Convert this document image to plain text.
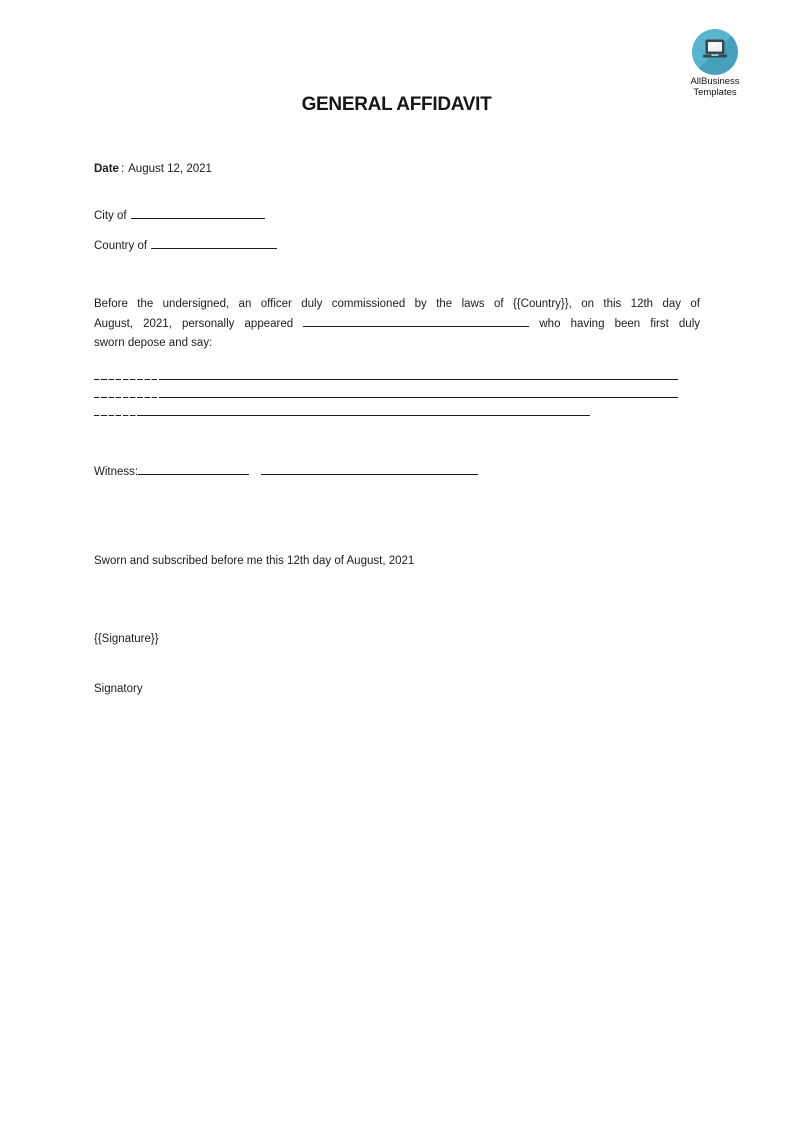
AllBusiness
Templates
GENERAL AFFIDAVIT
Date : August 12, 2021
City of
Country of
Before the undersigned, an officer duly commissioned by the laws of {{Country}}, on this 12th day of
August, 2021, personally appeared	who having been first duly
sworn depose and say:
Witness:
Sworn and subscribed before me this 12th day of August, 2021
{{Signature}}
Signatory
